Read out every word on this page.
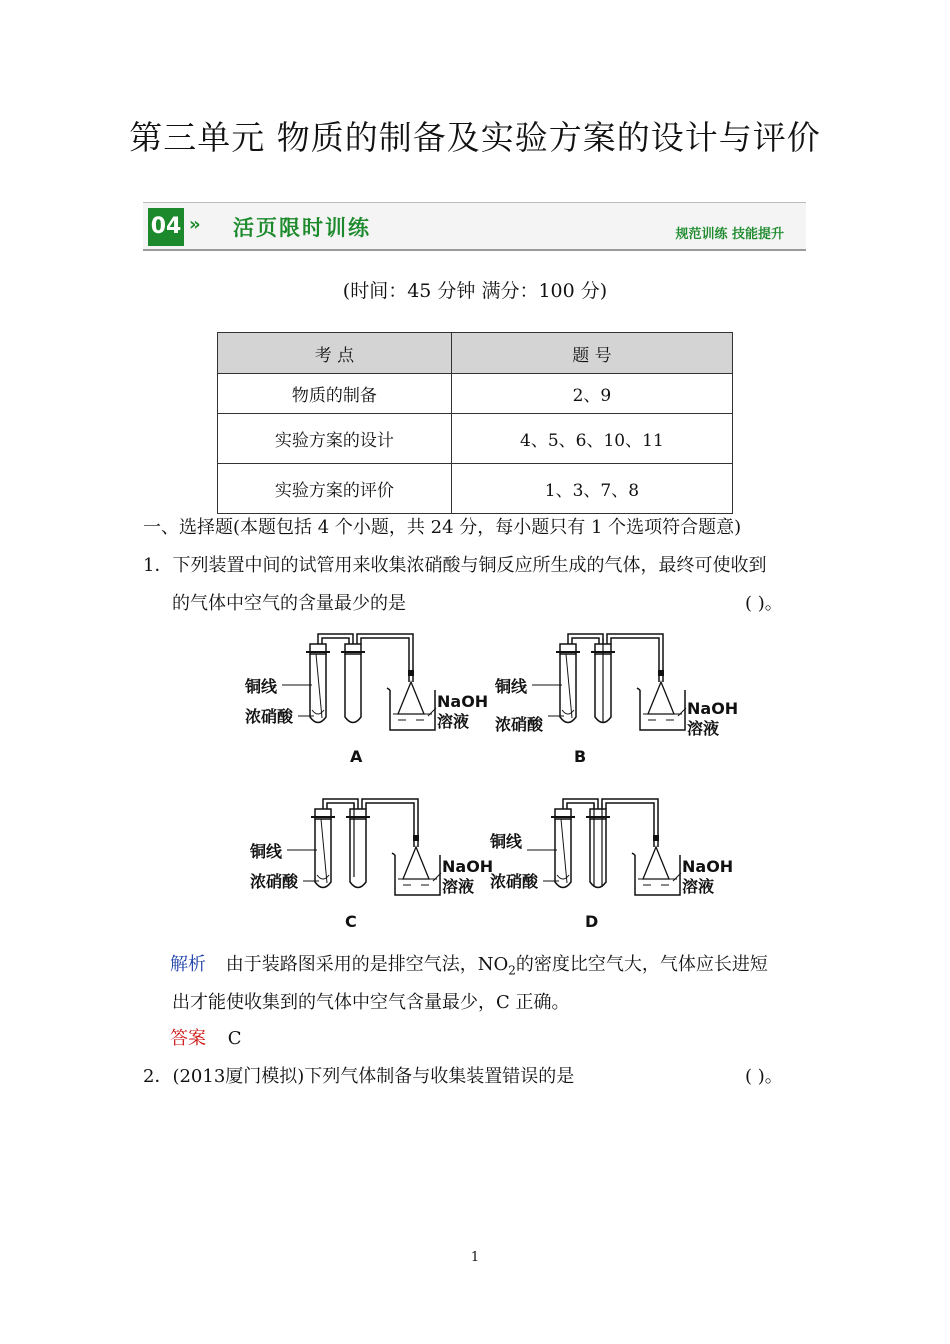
第三单元 物质的制备及实验方案的设计与评价
04 » 活页限时训练	规范训练 技能提升
(时间：45 分钟 满分：100 分)
考 点	题 号
物质的制备	2、9
实验方案的设计	4、5、6、10、11
实验方案的评价	1、3、7、8
一、选择题(本题包括 4 个小题，共 24 分，每小题只有 1 个选项符合题意)
1．下列装置中间的试管用来收集浓硝酸与铜反应所生成的气体，最终可使收到
的气体中空气的含量最少的是	( )。
铜线
浓硝酸
NaOH
溶液
A
铜线
浓硝酸
NaOH
溶液
B
铜线
浓硝酸
NaOH
溶液
C
铜线
浓硝酸
NaOH
溶液
D
解析 由于装路图采用的是排空气法，$NO_2$的密度比空气大，气体应长进短
出才能使收集到的气体中空气含量最少，C 正确。
答案 C
2．(2013厦门模拟)下列气体制备与收集装置错误的是	( )。
1
